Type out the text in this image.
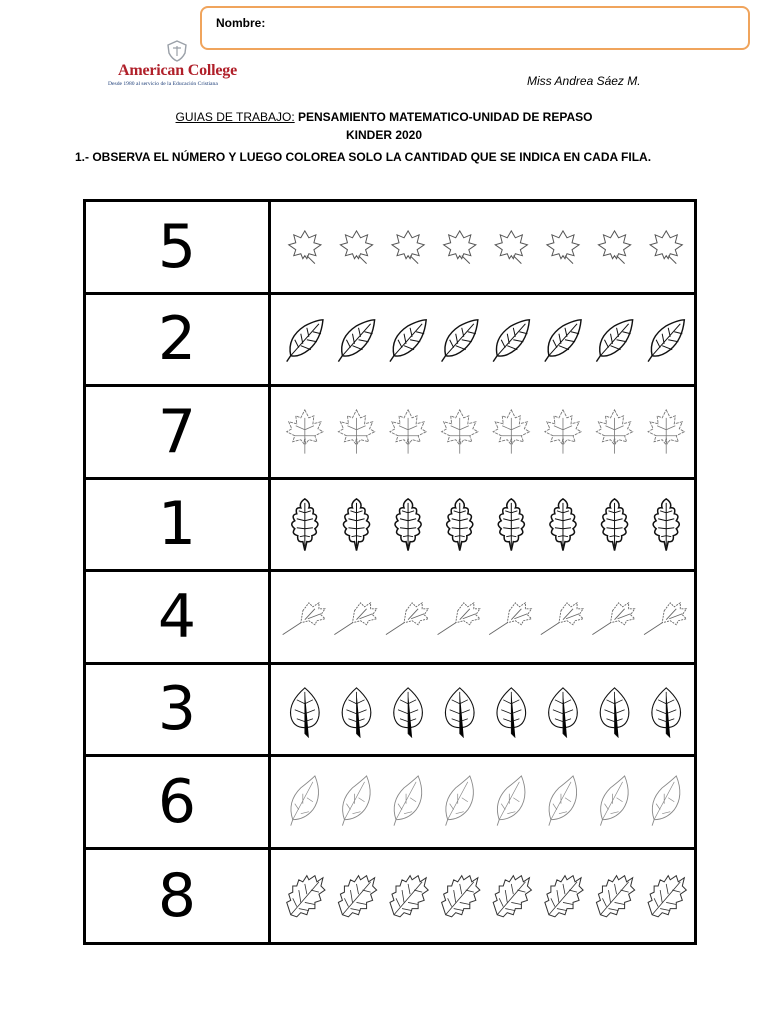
Nombre:
American College
Desde 1980 al servicio de la Educación Cristiana	Miss Andrea Sáez M.
GUIAS DE TRABAJO: PENSAMIENTO MATEMATICO-UNIDAD DE REPASO
KINDER 2020
1.- OBSERVA EL NÚMERO Y LUEGO COLOREA SOLO LA CANTIDAD QUE SE INDICA EN CADA FILA.
5
2
7
1
4
3
6
8
